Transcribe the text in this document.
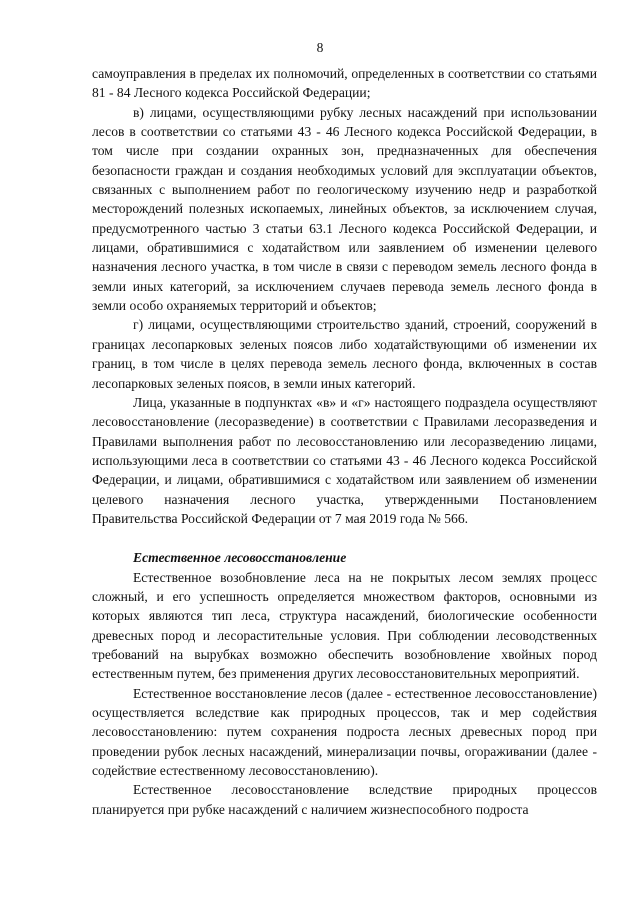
8

самоуправления в пределах их полномочий, определенных в соответствии со статьями 81 - 84 Лесного кодекса Российской Федерации;

в) лицами, осуществляющими рубку лесных насаждений при использовании лесов в соответствии со статьями 43 - 46 Лесного кодекса Российской Федерации, в том числе при создании охранных зон, предназначенных для обеспечения безопасности граждан и создания необходимых условий для эксплуатации объектов, связанных с выполнением работ по геологическому изучению недр и разработкой месторождений полезных ископаемых, линейных объектов, за исключением случая, предусмотренного частью 3 статьи 63.1 Лесного кодекса Российской Федерации, и лицами, обратившимися с ходатайством или заявлением об изменении целевого назначения лесного участка, в том числе в связи с переводом земель лесного фонда в земли иных категорий, за исключением случаев перевода земель лесного фонда в земли особо охраняемых территорий и объектов;

г) лицами, осуществляющими строительство зданий, строений, сооружений в границах лесопарковых зеленых поясов либо ходатайствующими об изменении их границ, в том числе в целях перевода земель леcного фонда, включенных в состав лесопарковых зеленых поясов, в земли иных категорий.

Лица, указанные в подпунктах «в» и «г» настоящего подраздела осуществляют лесовосстановление (лесоразведение) в соответствии с Правилами лесоразведения и Правилами выполнения работ по лесовосстановлению или лесоразведению лицами, использующими леса в соответствии со статьями 43 - 46 Лесного кодекса Российской Федерации, и лицами, обратившимися с ходатайством или заявлением об изменении целевого назначения лесного участка, утвержденными Постановлением Правительства Российской Федерации от 7 мая 2019 года № 566.

Естественное лесовосстановление

Естественное возобновление леса на не покрытых лесом землях процесс сложный, и его успешность определяется множеством факторов, основными из которых являются тип леса, структура насаждений, биологические особенности древесных пород и лесорастительные условия. При соблюдении лесоводственных требований на вырубках возможно обеспечить возобновление хвойных пород естественным путем, без применения других лесовосстановительных мероприятий.

Естественное восстановление лесов (далее - естественное лесовосстановление) осуществляется вследствие как природных процессов, так и мер содействия лесовосстановлению: путем сохранения подроста лесных древесных пород при проведении рубок лесных насаждений, минерализации почвы, огораживании (далее - содействие естественному лесовосстановлению).

Естественное лесовосстановление вследствие природных процессов планируется при рубке насаждений с наличием жизнеспособного подроста
